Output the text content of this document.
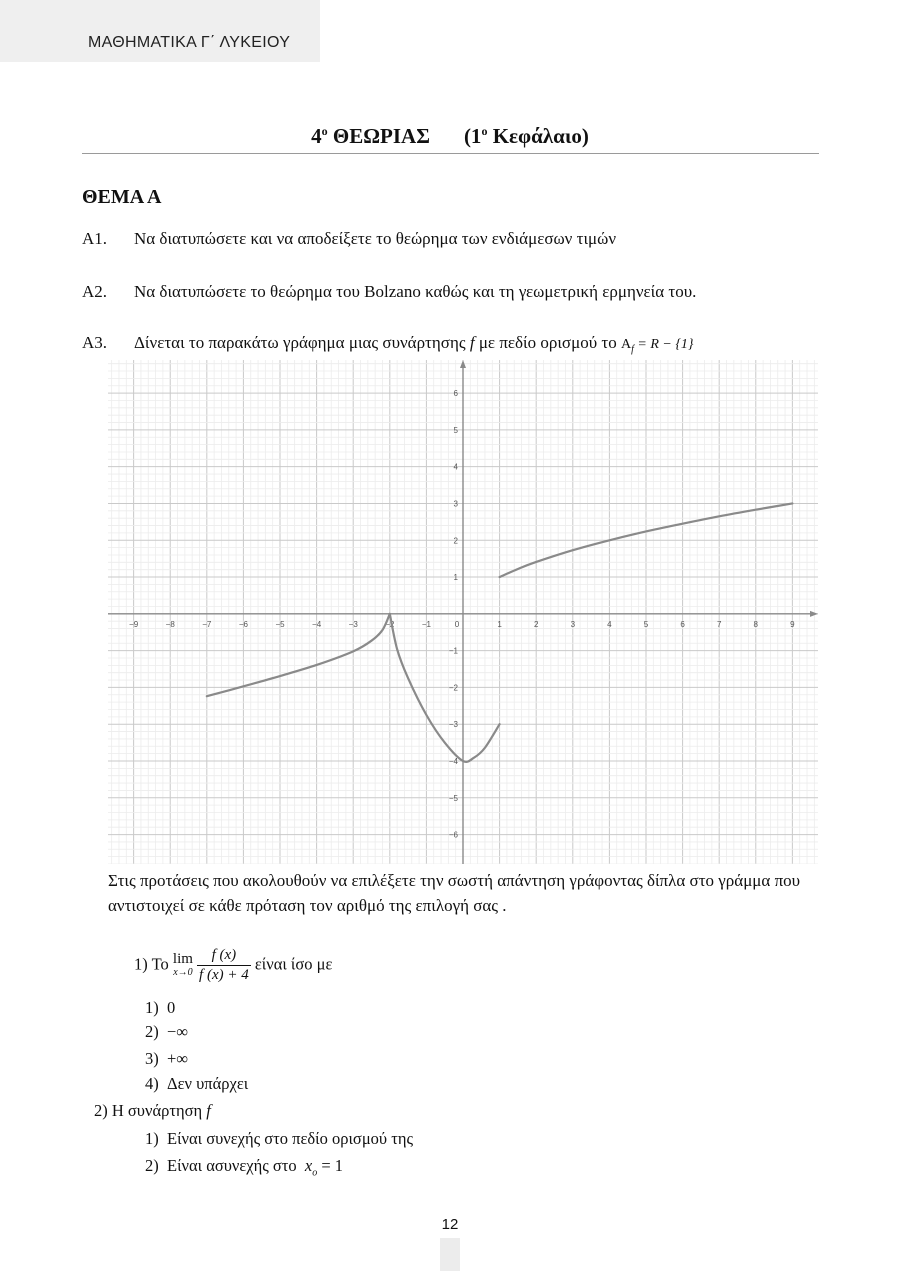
ΜΑΘΗΜΑΤΙΚΑ Γ΄ ΛΥΚΕΙΟΥ
$4^o$ ΘΕΩΡΙΑΣ ($1^o$ Κεφάλαιο)
ΘΕΜΑ Α
Α1. Να διατυπώσετε και να αποδείξετε το θεώρημα των ενδιάμεσων τιμών
Α2. Να διατυπώσετε το θεώρημα του Bolzano καθώς και τη γεωμετρική ερμηνεία του.
Α3. Δίνεται το παρακάτω γράφημα μιας συνάρτησης f με πεδίο ορισμού το $A_f = R - \{1\}$
−9	−8	−7	−6	−5	−4	−3	−2	−1	0	1	2	3	4	5	6	7	8	9
−6
−5
−4
−3
−2
−1
1
2
3
4
5
6
Στις προτάσεις που ακολουθούν να επιλέξετε την σωστή απάντηση γράφοντας δίπλα στο γράμμα που αντιστοιχεί σε κάθε πρόταση τον αριθμό της επιλογή σας .
1) Το lim
x→0
$\frac{f (x)}{f (x) + 4}$ είναι ίσο με
1) 0
2) −∞
3) +∞
4) Δεν υπάρχει
2) Η συνάρτηση f
1) Είναι συνεχής στο πεδίο ορισμού της
2) Είναι ασυνεχής στο $x_o = 1$
12
